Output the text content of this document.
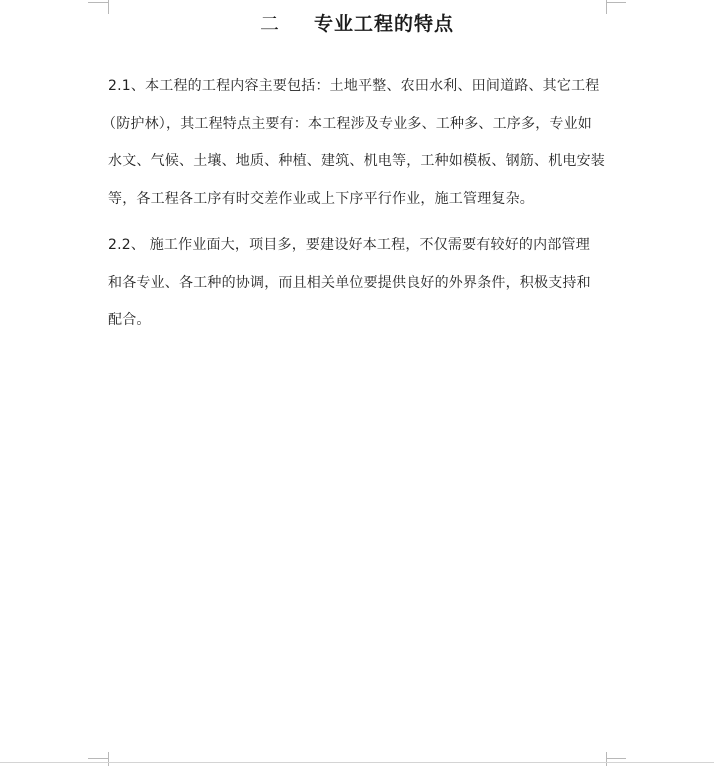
二 专业工程的特点
2.1、本工程的工程内容主要包括：土地平整、农田水利、田间道路、其它工程
（防护林），其工程特点主要有：本工程涉及专业多、工种多、工序多，专业如
水文、气候、土壤、地质、种植、建筑、机电等，工种如模板、钢筋、机电安装
等，各工程各工序有时交差作业或上下序平行作业，施工管理复杂。
2.2、 施工作业面大，项目多，要建设好本工程，不仅需要有较好的内部管理
和各专业、各工种的协调，而且相关单位要提供良好的外界条件，积极支持和
配合。
